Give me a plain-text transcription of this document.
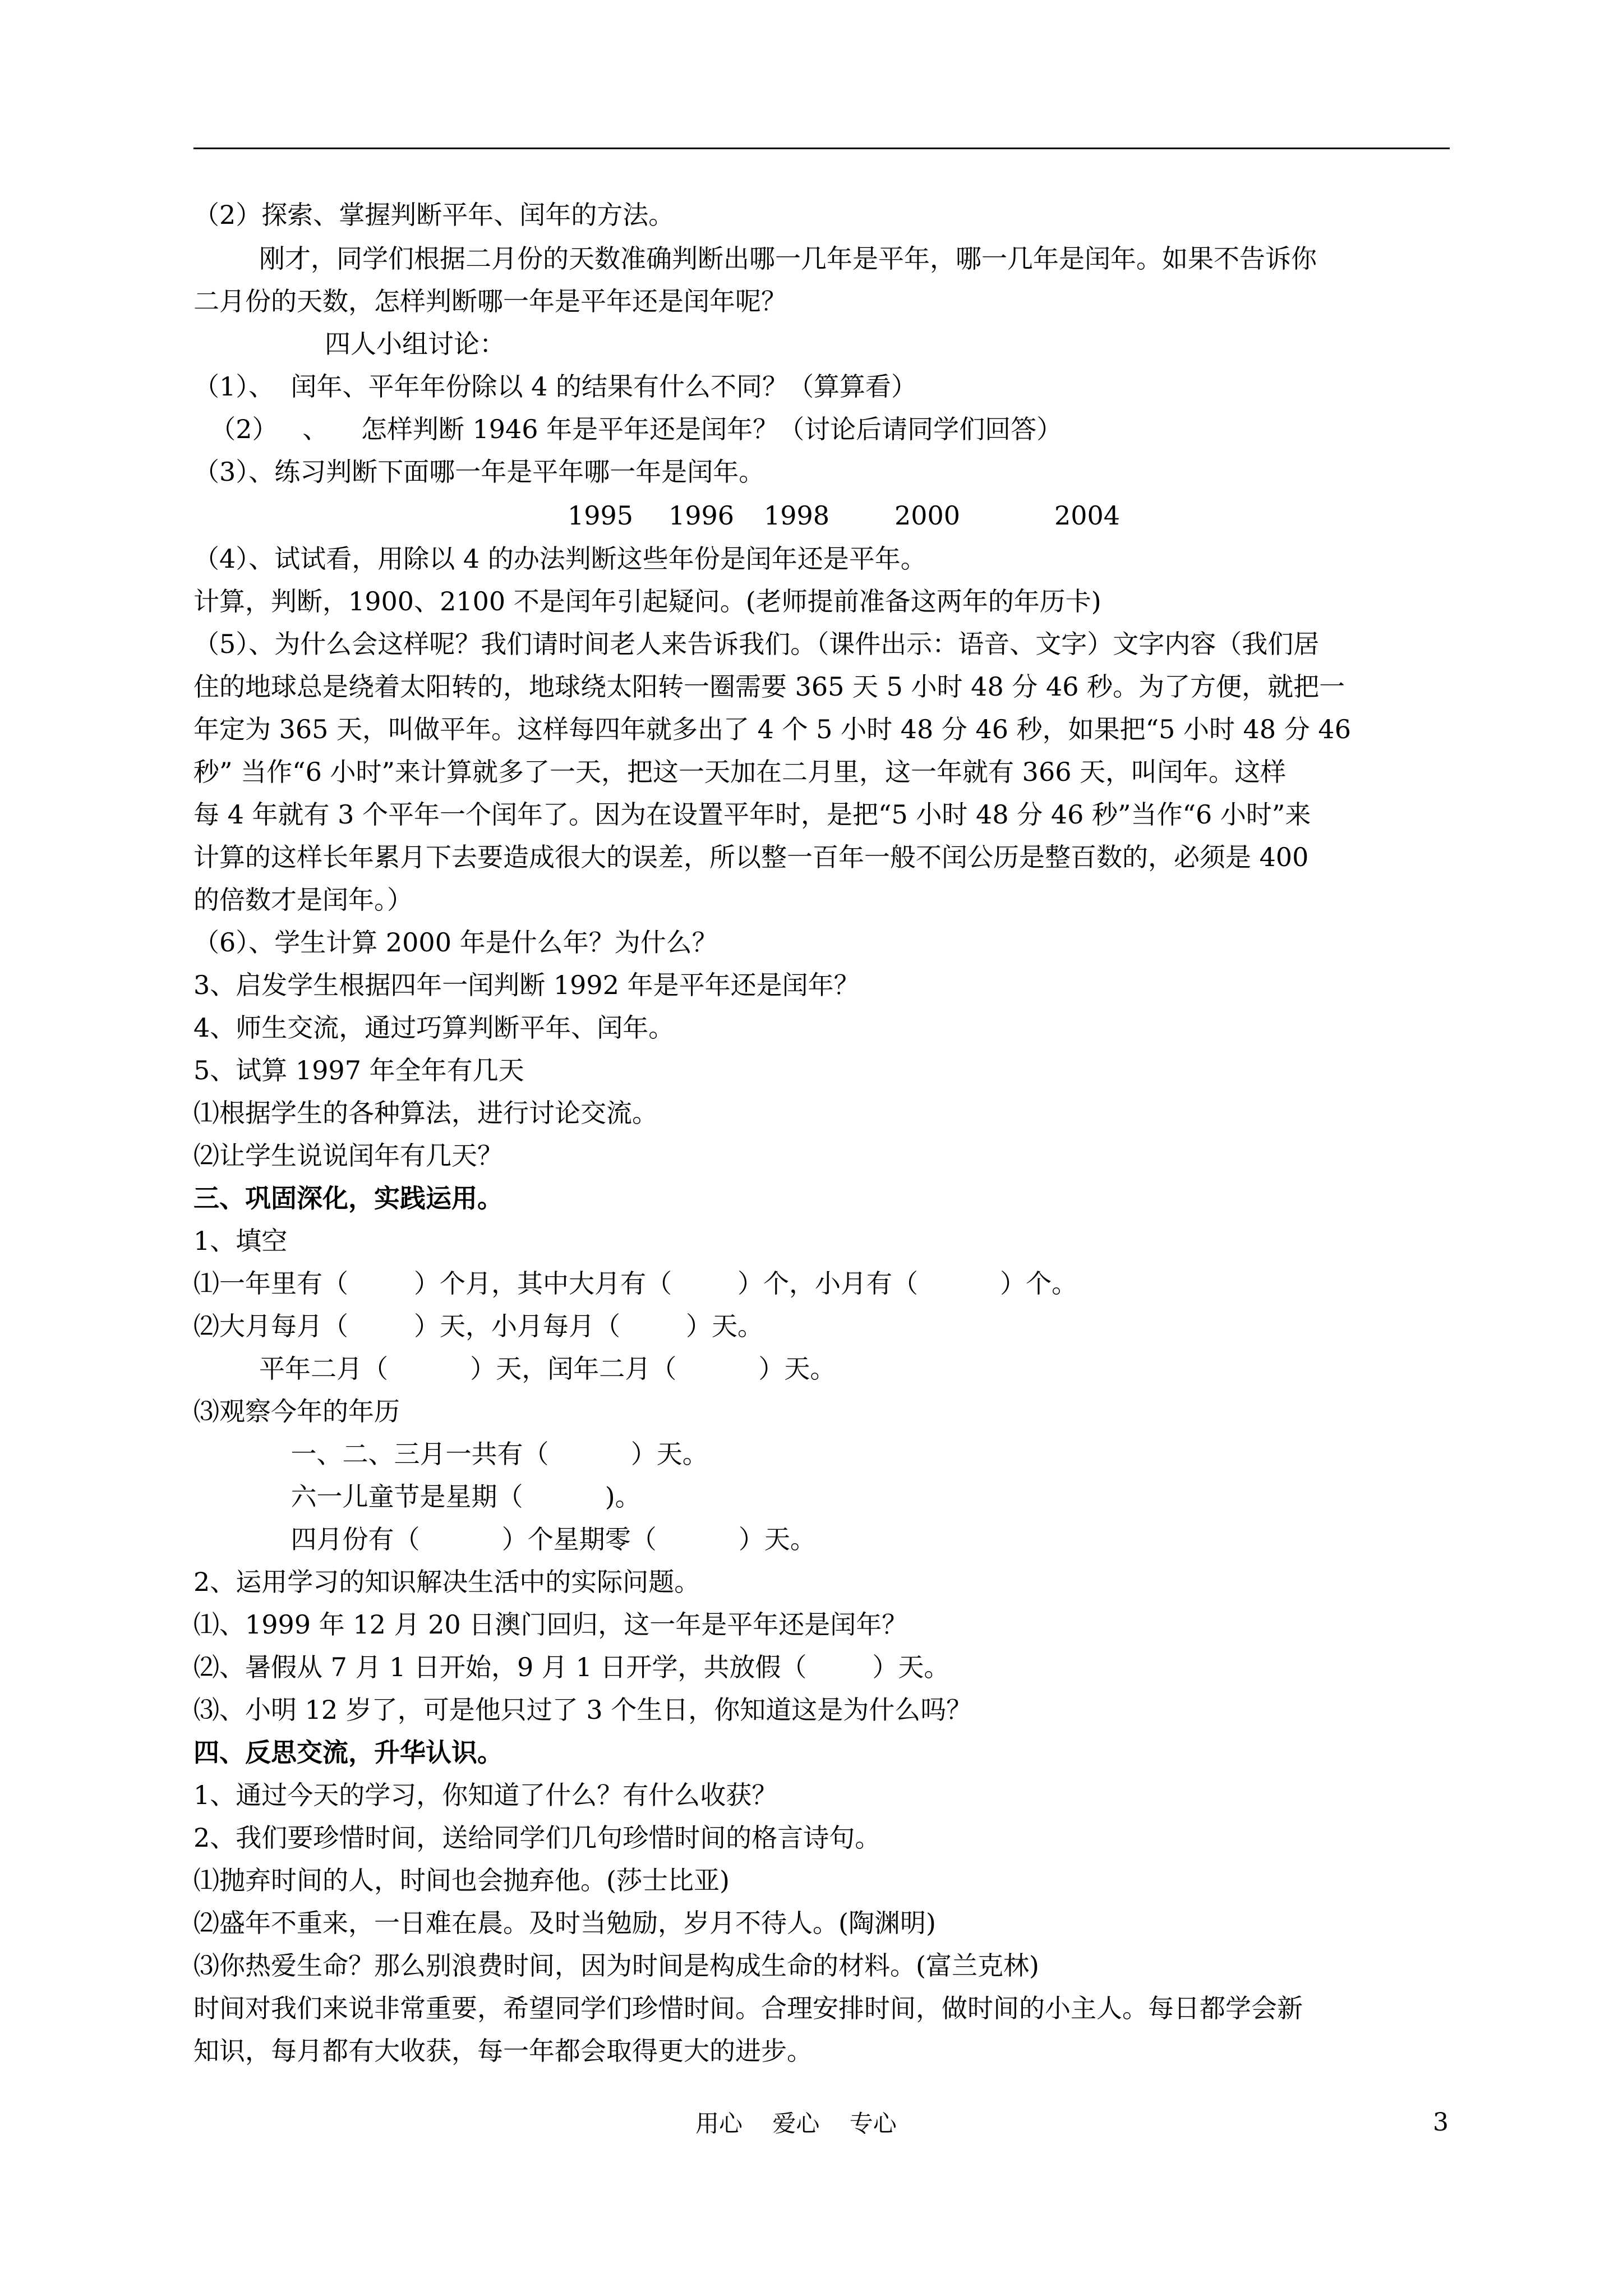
（2）探索、掌握判断平年、闰年的方法。

刚才，同学们根据二月份的天数准确判断出哪一几年是平年，哪一几年是闰年。如果不告诉你

二月份的天数，怎样判断哪一年是平年还是闰年呢？

四人小组讨论：

（1）、  闰年、平年年份除以 4 的结果有什么不同？（算算看）

（2）   、    怎样判断 1946 年是平年还是闰年？（讨论后请同学们回答）

（3）、练习判断下面哪一年是平年哪一年是闰年。

1995 1996 1998	2000	2004

（4）、试试看，用除以 4 的办法判断这些年份是闰年还是平年。

计算，判断，1900、2100 不是闰年引起疑问。(老师提前准备这两年的年历卡)

（5）、为什么会这样呢？我们请时间老人来告诉我们。（课件出示：语音、文字）文字内容（我们居

住的地球总是绕着太阳转的，地球绕太阳转一圈需要 365 天 5 小时 48 分 46 秒。为了方便，就把一

年定为 365 天，叫做平年。这样每四年就多出了 4 个 5 小时 48 分 46 秒，如果把“5 小时 48 分 46

秒” 当作“6 小时”来计算就多了一天，把这一天加在二月里，这一年就有 366 天，叫闰年。这样

每 4 年就有 3 个平年一个闰年了。因为在设置平年时，是把“5 小时 48 分 46 秒”当作“6 小时”来

计算的这样长年累月下去要造成很大的误差，所以整一百年一般不闰公历是整百数的，必须是 400

的倍数才是闰年。）

（6）、学生计算 2000 年是什么年？为什么？

3、启发学生根据四年一闰判断 1992 年是平年还是闰年？

4、师生交流，通过巧算判断平年、闰年。

5、试算 1997 年全年有几天

⑴根据学生的各种算法，进行讨论交流。

⑵让学生说说闰年有几天？

三、巩固深化，实践运用。

1、填空

⑴一年里有（        ）个月，其中大月有（        ）个，小月有（          ）个。

⑵大月每月（        ）天，小月每月（        ）天。

平年二月（          ）天，闰年二月（          ）天。

⑶观察今年的年历

一、二、三月一共有（          ）天。

六一儿童节是星期（          )。

四月份有（          ）个星期零（          ）天。

2、运用学习的知识解决生活中的实际问题。

⑴、1999 年 12 月 20 日澳门回归，这一年是平年还是闰年？

⑵、暑假从 7 月 1 日开始，9 月 1 日开学，共放假（        ）天。

⑶、小明 12 岁了，可是他只过了 3 个生日，你知道这是为什么吗？

四、反思交流，升华认识。

1、通过今天的学习，你知道了什么？有什么收获？

2、我们要珍惜时间，送给同学们几句珍惜时间的格言诗句。

⑴抛弃时间的人，时间也会抛弃他。(莎士比亚)

⑵盛年不重来，一日难在晨。及时当勉励，岁月不待人。(陶渊明)

⑶你热爱生命？那么别浪费时间，因为时间是构成生命的材料。(富兰克林)

时间对我们来说非常重要，希望同学们珍惜时间。合理安排时间，做时间的小主人。每日都学会新

知识，每月都有大收获，每一年都会取得更大的进步。

用心    爱心    专心	3
